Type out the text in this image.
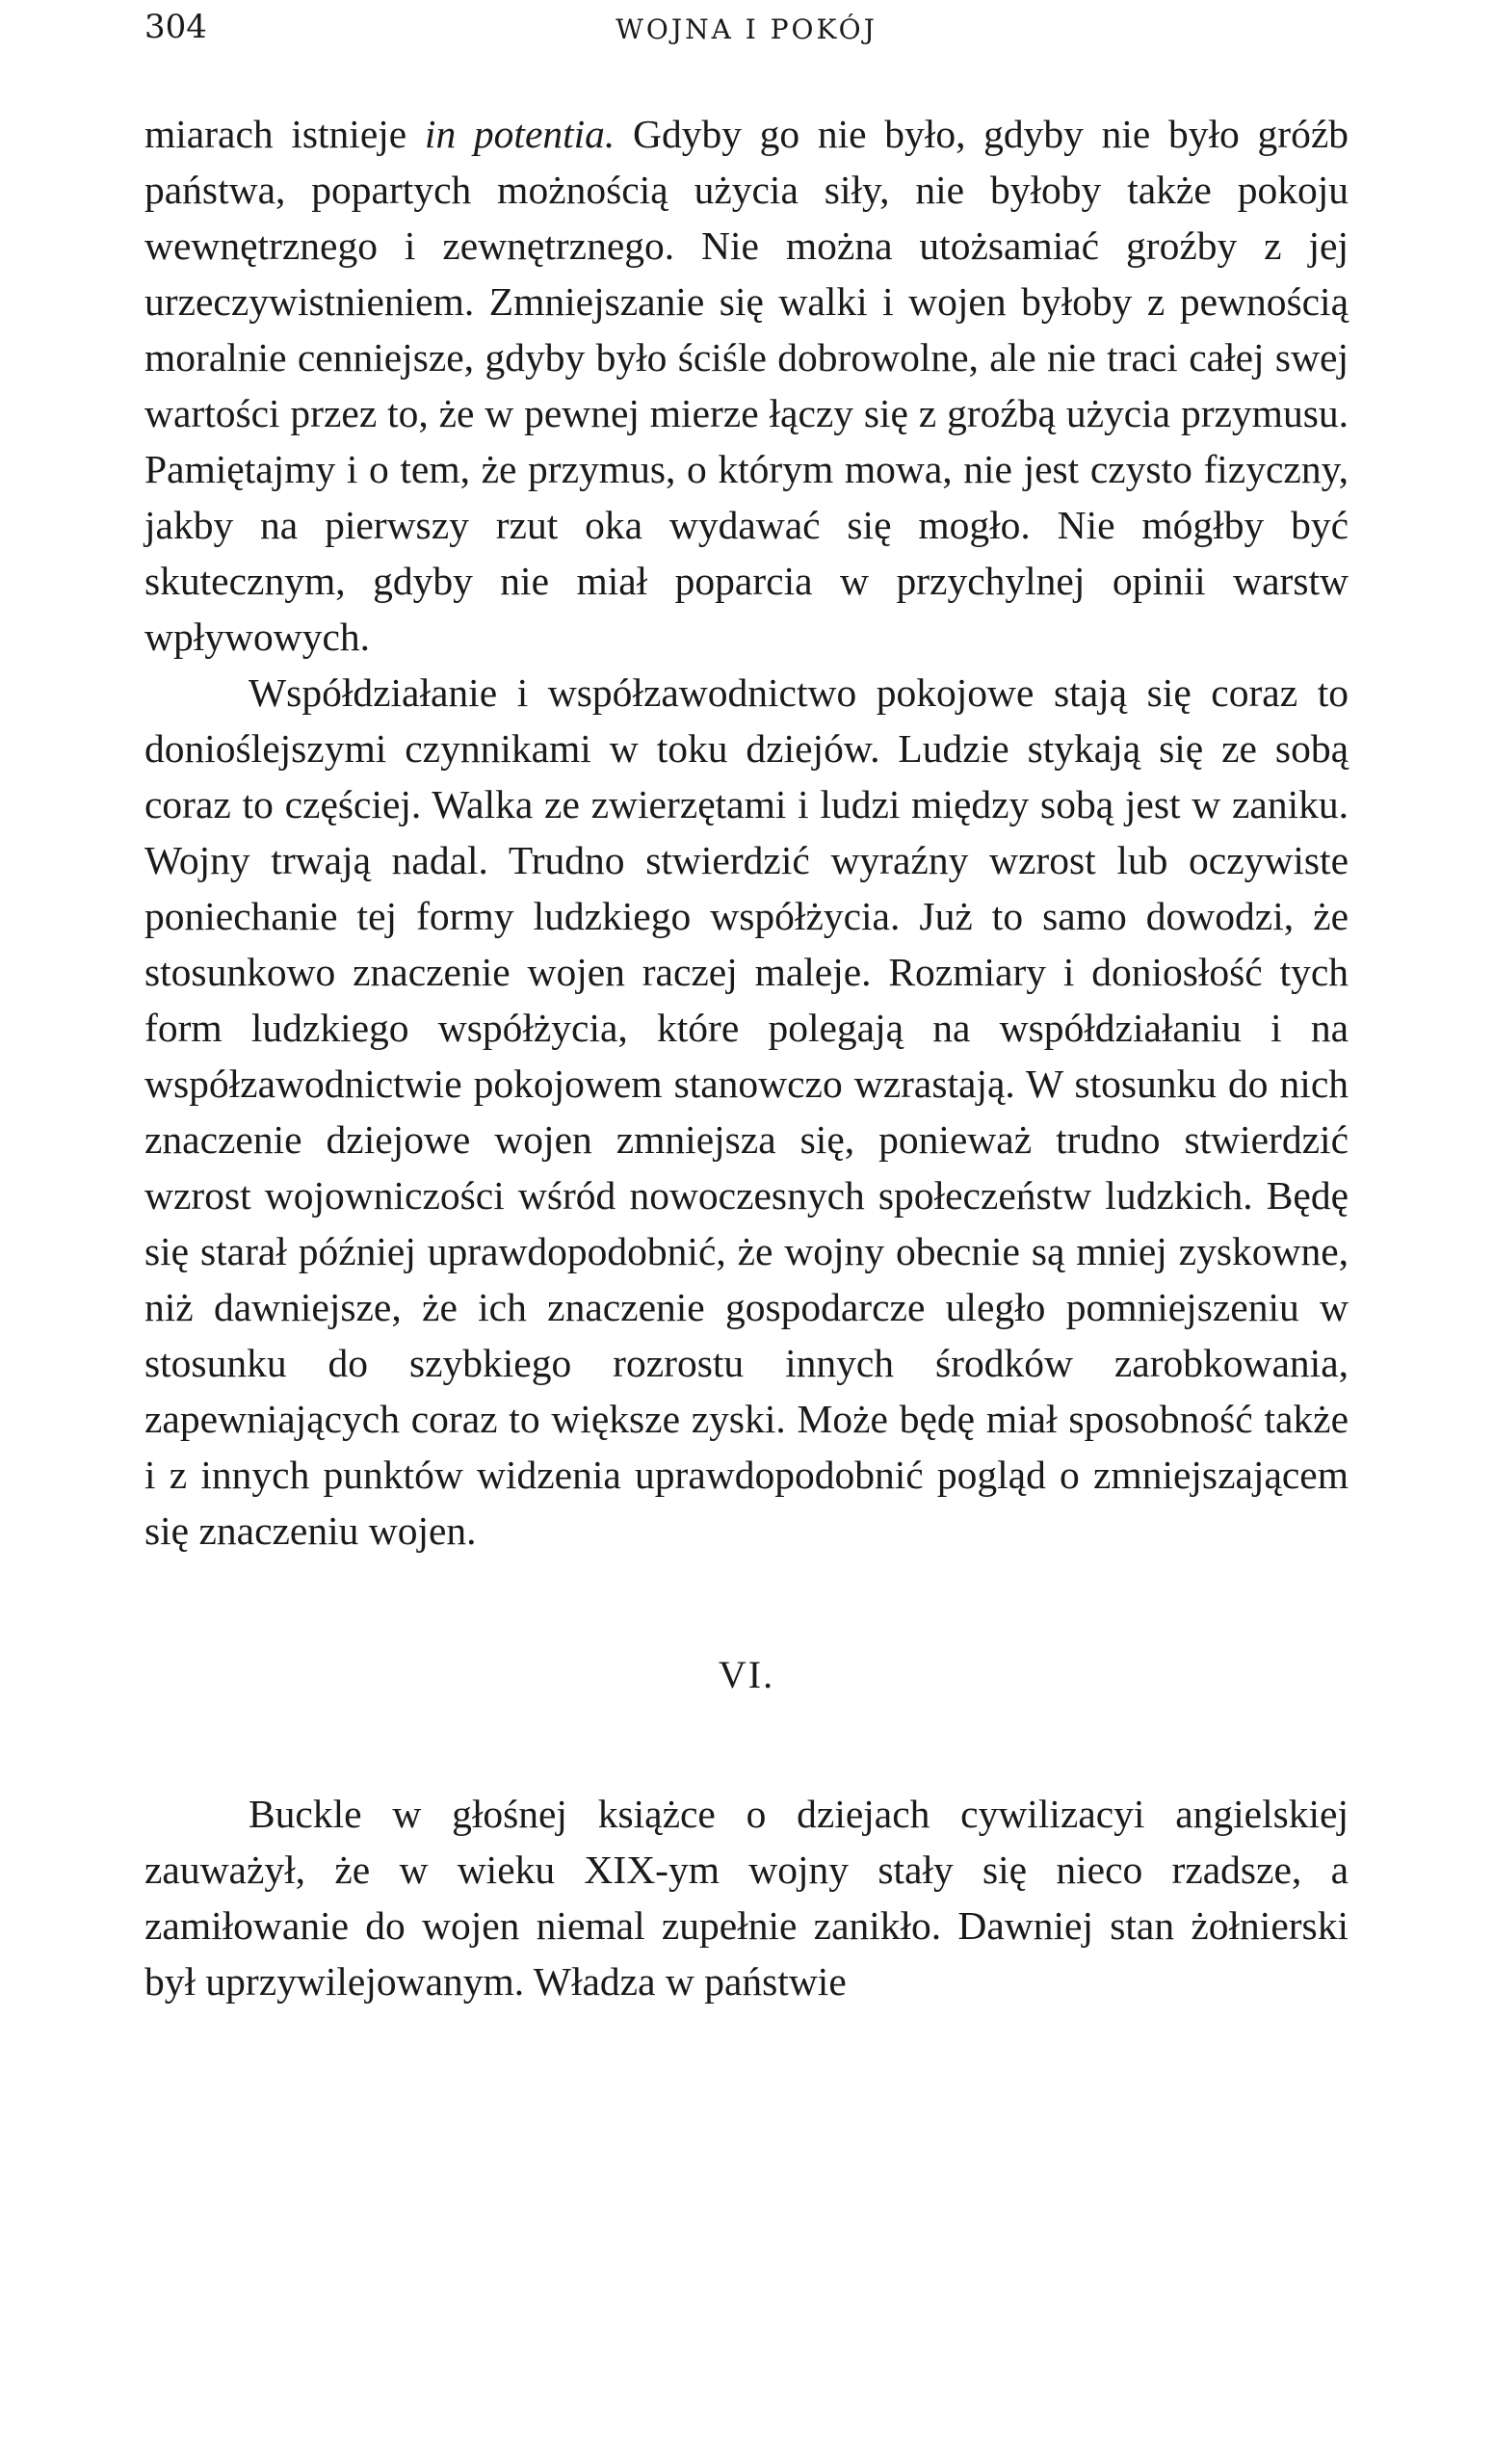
304	WOJNA I POKÓJ

miarach istnieje in potentia. Gdyby go nie było, gdyby nie było gróźb państwa, popartych możnością użycia siły, nie byłoby także pokoju wewnętrznego i zewnętrznego. Nie można utożsamiać groźby z jej urzeczywistnieniem. Zmniejszanie się walki i wojen byłoby z pewnością moralnie cenniejsze, gdyby było ściśle dobrowolne, ale nie traci całej swej wartości przez to, że w pewnej mierze łączy się z groźbą użycia przymusu. Pamiętajmy i o tem, że przymus, o którym mowa, nie jest czysto fizyczny, jakby na pierwszy rzut oka wydawać się mogło. Nie mógłby być skutecznym, gdyby nie miał poparcia w przychylnej opinii warstw wpływowych.

Współdziałanie i współzawodnictwo pokojowe stają się coraz to donioślejszymi czynnikami w toku dziejów. Ludzie stykają się ze sobą coraz to częściej. Walka ze zwierzętami i ludzi między sobą jest w zaniku. Wojny trwają nadal. Trudno stwierdzić wyraźny wzrost lub oczywiste poniechanie tej formy ludzkiego współżycia. Już to samo dowodzi, że stosunkowo znaczenie wojen raczej maleje. Rozmiary i doniosłość tych form ludzkiego współżycia, które polegają na współdziałaniu i na współzawodnictwie pokojowem stanowczo wzrastają. W stosunku do nich znaczenie dziejowe wojen zmniejsza się, ponieważ trudno stwierdzić wzrost wojowniczości wśród nowoczesnych społeczeństw ludzkich. Będę się starał później uprawdopodobnić, że wojny obecnie są mniej zyskowne, niż dawniejsze, że ich znaczenie gospodarcze uległo pomniejszeniu w stosunku do szybkiego rozrostu innych środków zarobkowania, zapewniających coraz to większe zyski. Może będę miał sposobność także i z innych punktów widzenia uprawdopodobnić pogląd o zmniejszającem się znaczeniu wojen.

VI.

Buckle w głośnej książce o dziejach cywilizacyi angielskiej zauważył, że w wieku XIX-ym wojny stały się nieco rzadsze, a zamiłowanie do wojen niemal zupełnie zanikło. Dawniej stan żołnierski był uprzywilejowanym. Władza w państwie
